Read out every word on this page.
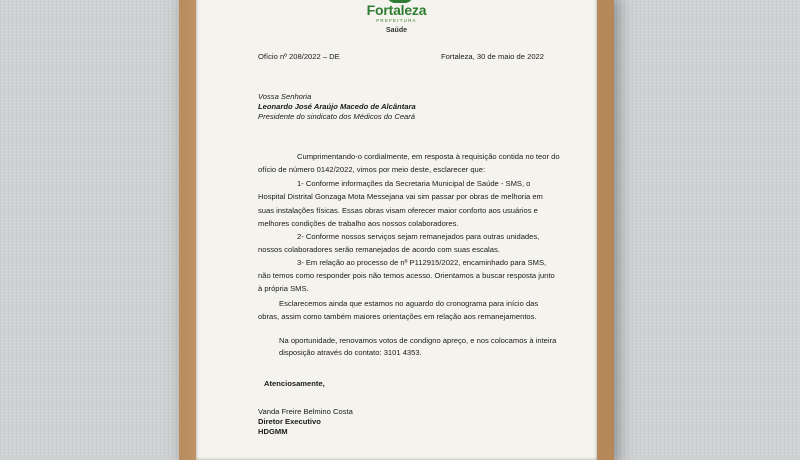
Fortaleza
PREFEITURA
Saúde
Ofício nº 208/2022 – DE	Fortaleza, 30 de maio de 2022
Vossa Senhoria
Leonardo José Araújo Macedo de Alcântara
Presidente do sindicato dos Médicos do Ceará
Cumprimentando-o cordialmente, em resposta à requisição contida no teor do
ofício de número 0142/2022, vimos por meio deste, esclarecer que:
1- Conforme informações da Secretaria Municipal de Saúde - SMS, o
Hospital Distrital Gonzaga Mota Messejana vai sim passar por obras de melhoria em
suas instalações físicas. Essas obras visam oferecer maior conforto aos usuários e
melhores condições de trabalho aos nossos colaboradores.
2- Conforme nossos serviços sejam remanejados para outras unidades,
nossos colaboradores serão remanejados de acordo com suas escalas.
3- Em relação ao processo de nº P112915/2022, encaminhado para SMS,
não temos como responder pois não temos acesso. Orientamos a buscar resposta junto
à própria SMS.
Esclarecemos ainda que estamos no aguardo do cronograma para início das
obras, assim como também maiores orientações em relação aos remanejamentos.
Na oportunidade, renovamos votos de condigno apreço, e nos colocamos à inteira
disposição através do contato: 3101 4353.
Atenciosamente,
Vanda Freire Belmino Costa
Diretor Executivo
HDGMM
